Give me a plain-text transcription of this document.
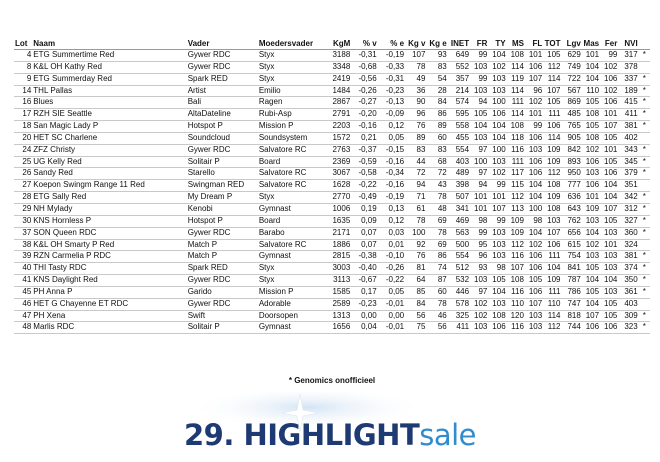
Lot	Naam	Vader	Moedersvader	KgM	% v	% e	Kg v	Kg e	INET	FR	TY	MS	FL	TOT	Lgv	Mas	Fer	NVI	
4	ETG Summertime Red	Gywer RDC	Styx	3188	-0,31	-0,19	107	93	649	99	104	108	101	105	629	101	99	317	*
8	K&L OH Kathy Red	Gywer RDC	Styx	3348	-0,68	-0,33	78	83	552	103	102	114	106	112	749	104	102	378	
9	ETG Summerday Red	Spark RED	Styx	2419	-0,56	-0,31	49	54	357	99	103	119	107	114	722	104	106	337	*
14	THL Pallas	Artist	Emilio	1484	-0,26	-0,23	36	28	214	103	103	114	96	107	567	110	102	189	*
16	Blues	Bali	Ragen	2867	-0,27	-0,13	90	84	574	94	100	111	102	105	869	105	106	415	*
17	RZH SIE Seattle	AltaDateline	Rubi-Asp	2791	-0,20	-0,09	96	86	595	105	106	114	101	111	485	108	101	411	*
18	San Magic Lady P	Hotspot P	Mission P	2203	-0,16	0,12	76	89	558	104	104	108	99	106	765	105	107	381	*
20	HET SC Charlene	Soundcloud	Soundsystem	1572	0,21	0,05	89	60	455	103	104	118	106	114	905	108	105	402	
24	ZFZ Christy	Gywer RDC	Salvatore RC	2763	-0,37	-0,15	83	83	554	97	100	116	103	109	842	102	101	343	*
25	UG Kelly Red	Solitair P	Board	2369	-0,59	-0,16	44	68	403	100	103	111	106	109	893	106	105	345	*
26	Sandy Red	Starello	Salvatore RC	3067	-0,58	-0,34	72	72	489	97	102	117	106	112	950	103	106	379	*
27	Koepon Swingm Range 11 Red	Swingman RED	Salvatore RC	1628	-0,22	-0,16	94	43	398	94	99	115	104	108	777	106	104	351	
28	ETG Sally Red	My Dream P	Styx	2770	-0,49	-0,19	71	78	507	101	101	112	104	109	636	101	104	342	*
29	NH Mylady	Kenobi	Gymnast	1006	0,19	0,13	61	48	341	101	107	113	100	108	643	109	107	312	*
30	KNS Hornless P	Hotspot P	Board	1635	0,09	0,12	78	69	469	98	99	109	98	103	762	103	105	327	*
37	SON Queen RDC	Gywer RDC	Barabo	2171	0,07	0,03	100	78	563	99	103	109	104	107	656	104	103	360	*
38	K&L OH Smarty P Red	Match P	Salvatore RC	1886	0,07	0,01	92	69	500	95	103	112	102	106	615	102	101	324	
39	RZN Carmelia P RDC	Match P	Gymnast	2815	-0,38	-0,10	76	86	554	96	103	116	106	111	754	103	103	381	*
40	THI Tasty RDC	Spark RED	Styx	3003	-0,40	-0,26	81	74	512	93	98	107	106	104	841	105	103	374	*
41	KNS Daylight Red	Gywer RDC	Styx	3113	-0,67	-0,22	64	87	532	103	105	108	105	109	787	104	104	350	*
45	PH Anna P	Garido	Mission P	1585	0,17	0,05	85	60	446	97	104	116	106	111	786	105	103	361	*
46	HET G Chayenne ET RDC	Gywer RDC	Adorable	2589	-0,23	-0,01	84	78	578	102	103	110	107	110	747	104	105	403	
47	PH Xena	Swift	Doorsopen	1313	0,00	0,00	56	46	325	102	108	120	103	114	818	107	105	309	*
48	Marlis RDC	Solitair P	Gymnast	1656	0,04	-0,01	75	56	411	103	106	116	103	112	744	106	106	323	*
* Genomics onofficieel
29. HIGHLIGHTsale
